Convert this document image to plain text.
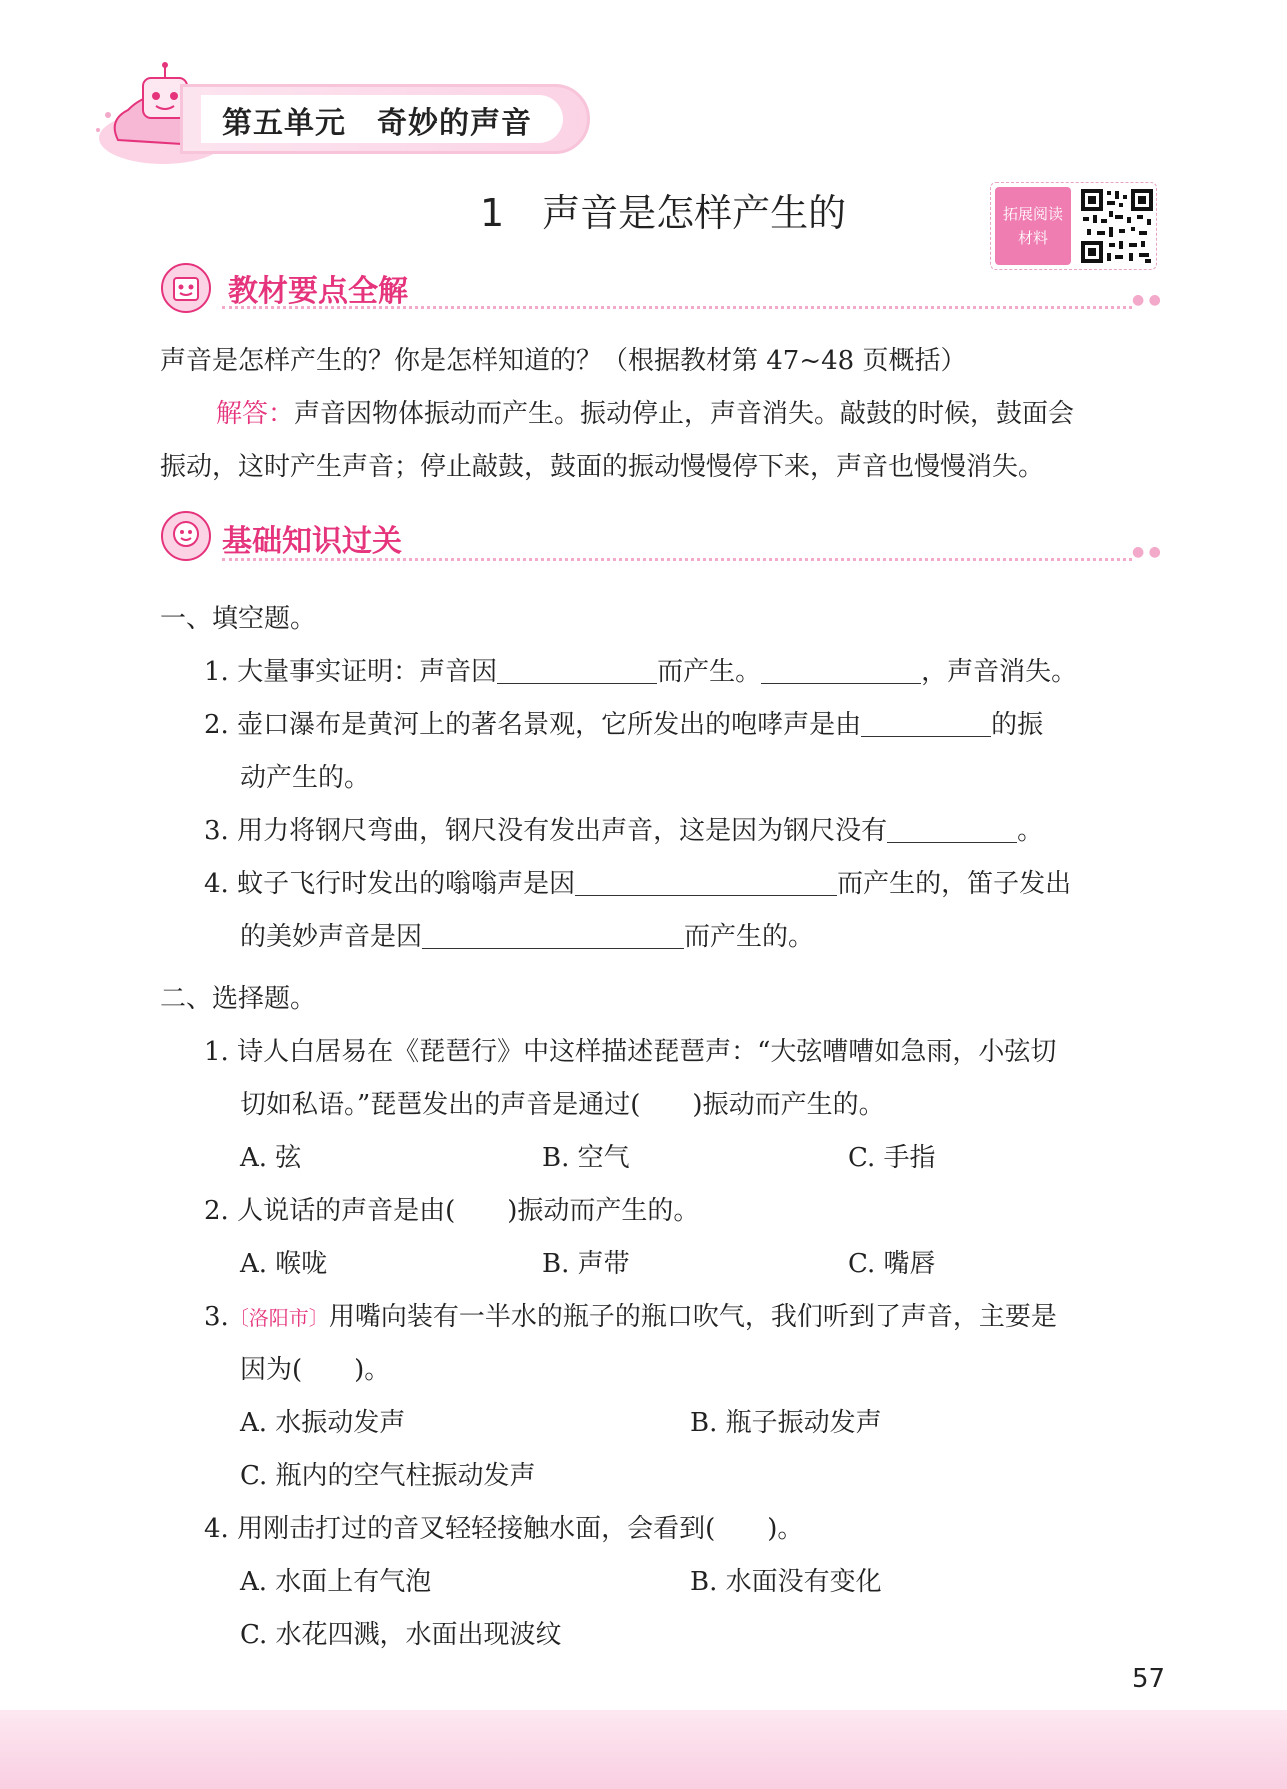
第五单元　奇妙的声音
1　声音是怎样产生的	拓展阅读
材料
教材要点全解	● ●
声音是怎样产生的？你是怎样知道的？（根据教材第 47~48 页概括）
解答：声音因物体振动而产生。振动停止，声音消失。敲鼓的时候，鼓面会
振动，这时产生声音；停止敲鼓，鼓面的振动慢慢停下来，声音也慢慢消失。
基础知识过关	● ●
一、填空题。
1. 大量事实证明：声音因	而产生。	，声音消失。
2. 壶口瀑布是黄河上的著名景观，它所发出的咆哮声是由	的振
动产生的。
3. 用力将钢尺弯曲，钢尺没有发出声音，这是因为钢尺没有	。
4. 蚊子飞行时发出的嗡嗡声是因	而产生的，笛子发出
的美妙声音是因	而产生的。
二、选择题。
1. 诗人白居易在《琵琶行》中这样描述琵琶声：“大弦嘈嘈如急雨，小弦切
切如私语。”琵琶发出的声音是通过(　　)振动而产生的。
A. 弦	B. 空气	C. 手指
2. 人说话的声音是由(　　)振动而产生的。
A. 喉咙	B. 声带	C. 嘴唇
3.〔洛阳市〕用嘴向装有一半水的瓶子的瓶口吹气，我们听到了声音，主要是
因为(　　)。
A. 水振动发声	B. 瓶子振动发声
C. 瓶内的空气柱振动发声
4. 用刚击打过的音叉轻轻接触水面，会看到(　　)。
A. 水面上有气泡	B. 水面没有变化
C. 水花四溅，水面出现波纹
57
